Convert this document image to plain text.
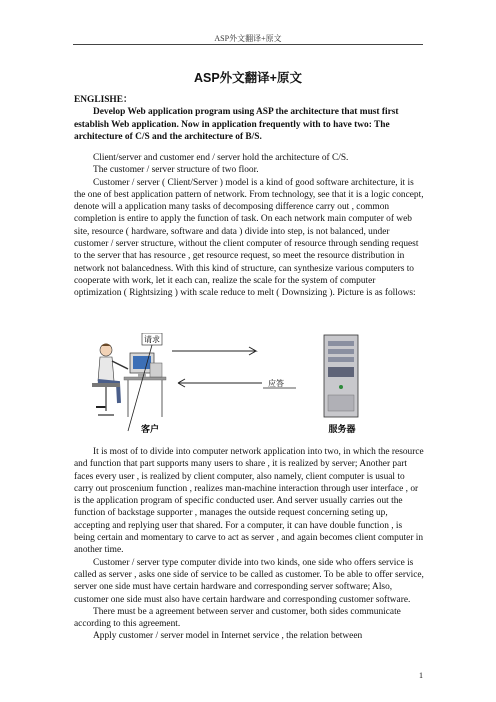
ASP外文翻译+原文
ASP外文翻译+原文

ENGLISHE：

Develop Web application program using ASP the architecture that must first establish Web application. Now in application frequently with to have two: The architecture of C/S and the architecture of B/S.

Client/server and customer end / server hold the architecture of C/S.

The customer / server structure of two floor.

Customer / server ( Client/Server ) model is a kind of good software architecture, it is the one of best application pattern of network. From technology, see that it is a logic concept, denote will a application many tasks of decomposing difference carry out , common completion is entire to apply the function of task. On each network main computer of web site, resource ( hardware, software and data ) divide into step, is not balanced, under customer / server structure, without the client computer of resource through sending request to the server that has resource , get resource request, so meet the resource distribution in network not balancedness. With this kind of structure, can synthesize various computers to cooperate with work, let it each can, realize the scale for the system of computer optimization ( Rightsizing ) with scale reduce to melt ( Downsizing ). Picture is as follows:

请求
应答
客户	服务器

It is most of to divide into computer network application into two, in which the resource and function that part supports many users to share , it is realized by server; Another part faces every user , is realized by client computer, also namely, client computer is usual to carry out proscenium function , realizes man-machine interaction through user interface , or is the application program of specific conducted user. And server usually carries out the function of backstage supporter , manages the outside request concerning seting up, accepting and replying user that shared. For a computer, it can have double function , is being certain and momentary to carve to act as server , and again becomes client computer in another time.

Customer / server type computer divide into two kinds, one side who offers service is called as server , asks one side of service to be called as customer. To be able to offer service, server one side must have certain hardware and corresponding server software; Also, customer one side must also have certain hardware and corresponding customer software.

There must be a agreement between server and customer, both sides communicate according to this agreement.

Apply customer / server model in Internet service , the relation between

1
